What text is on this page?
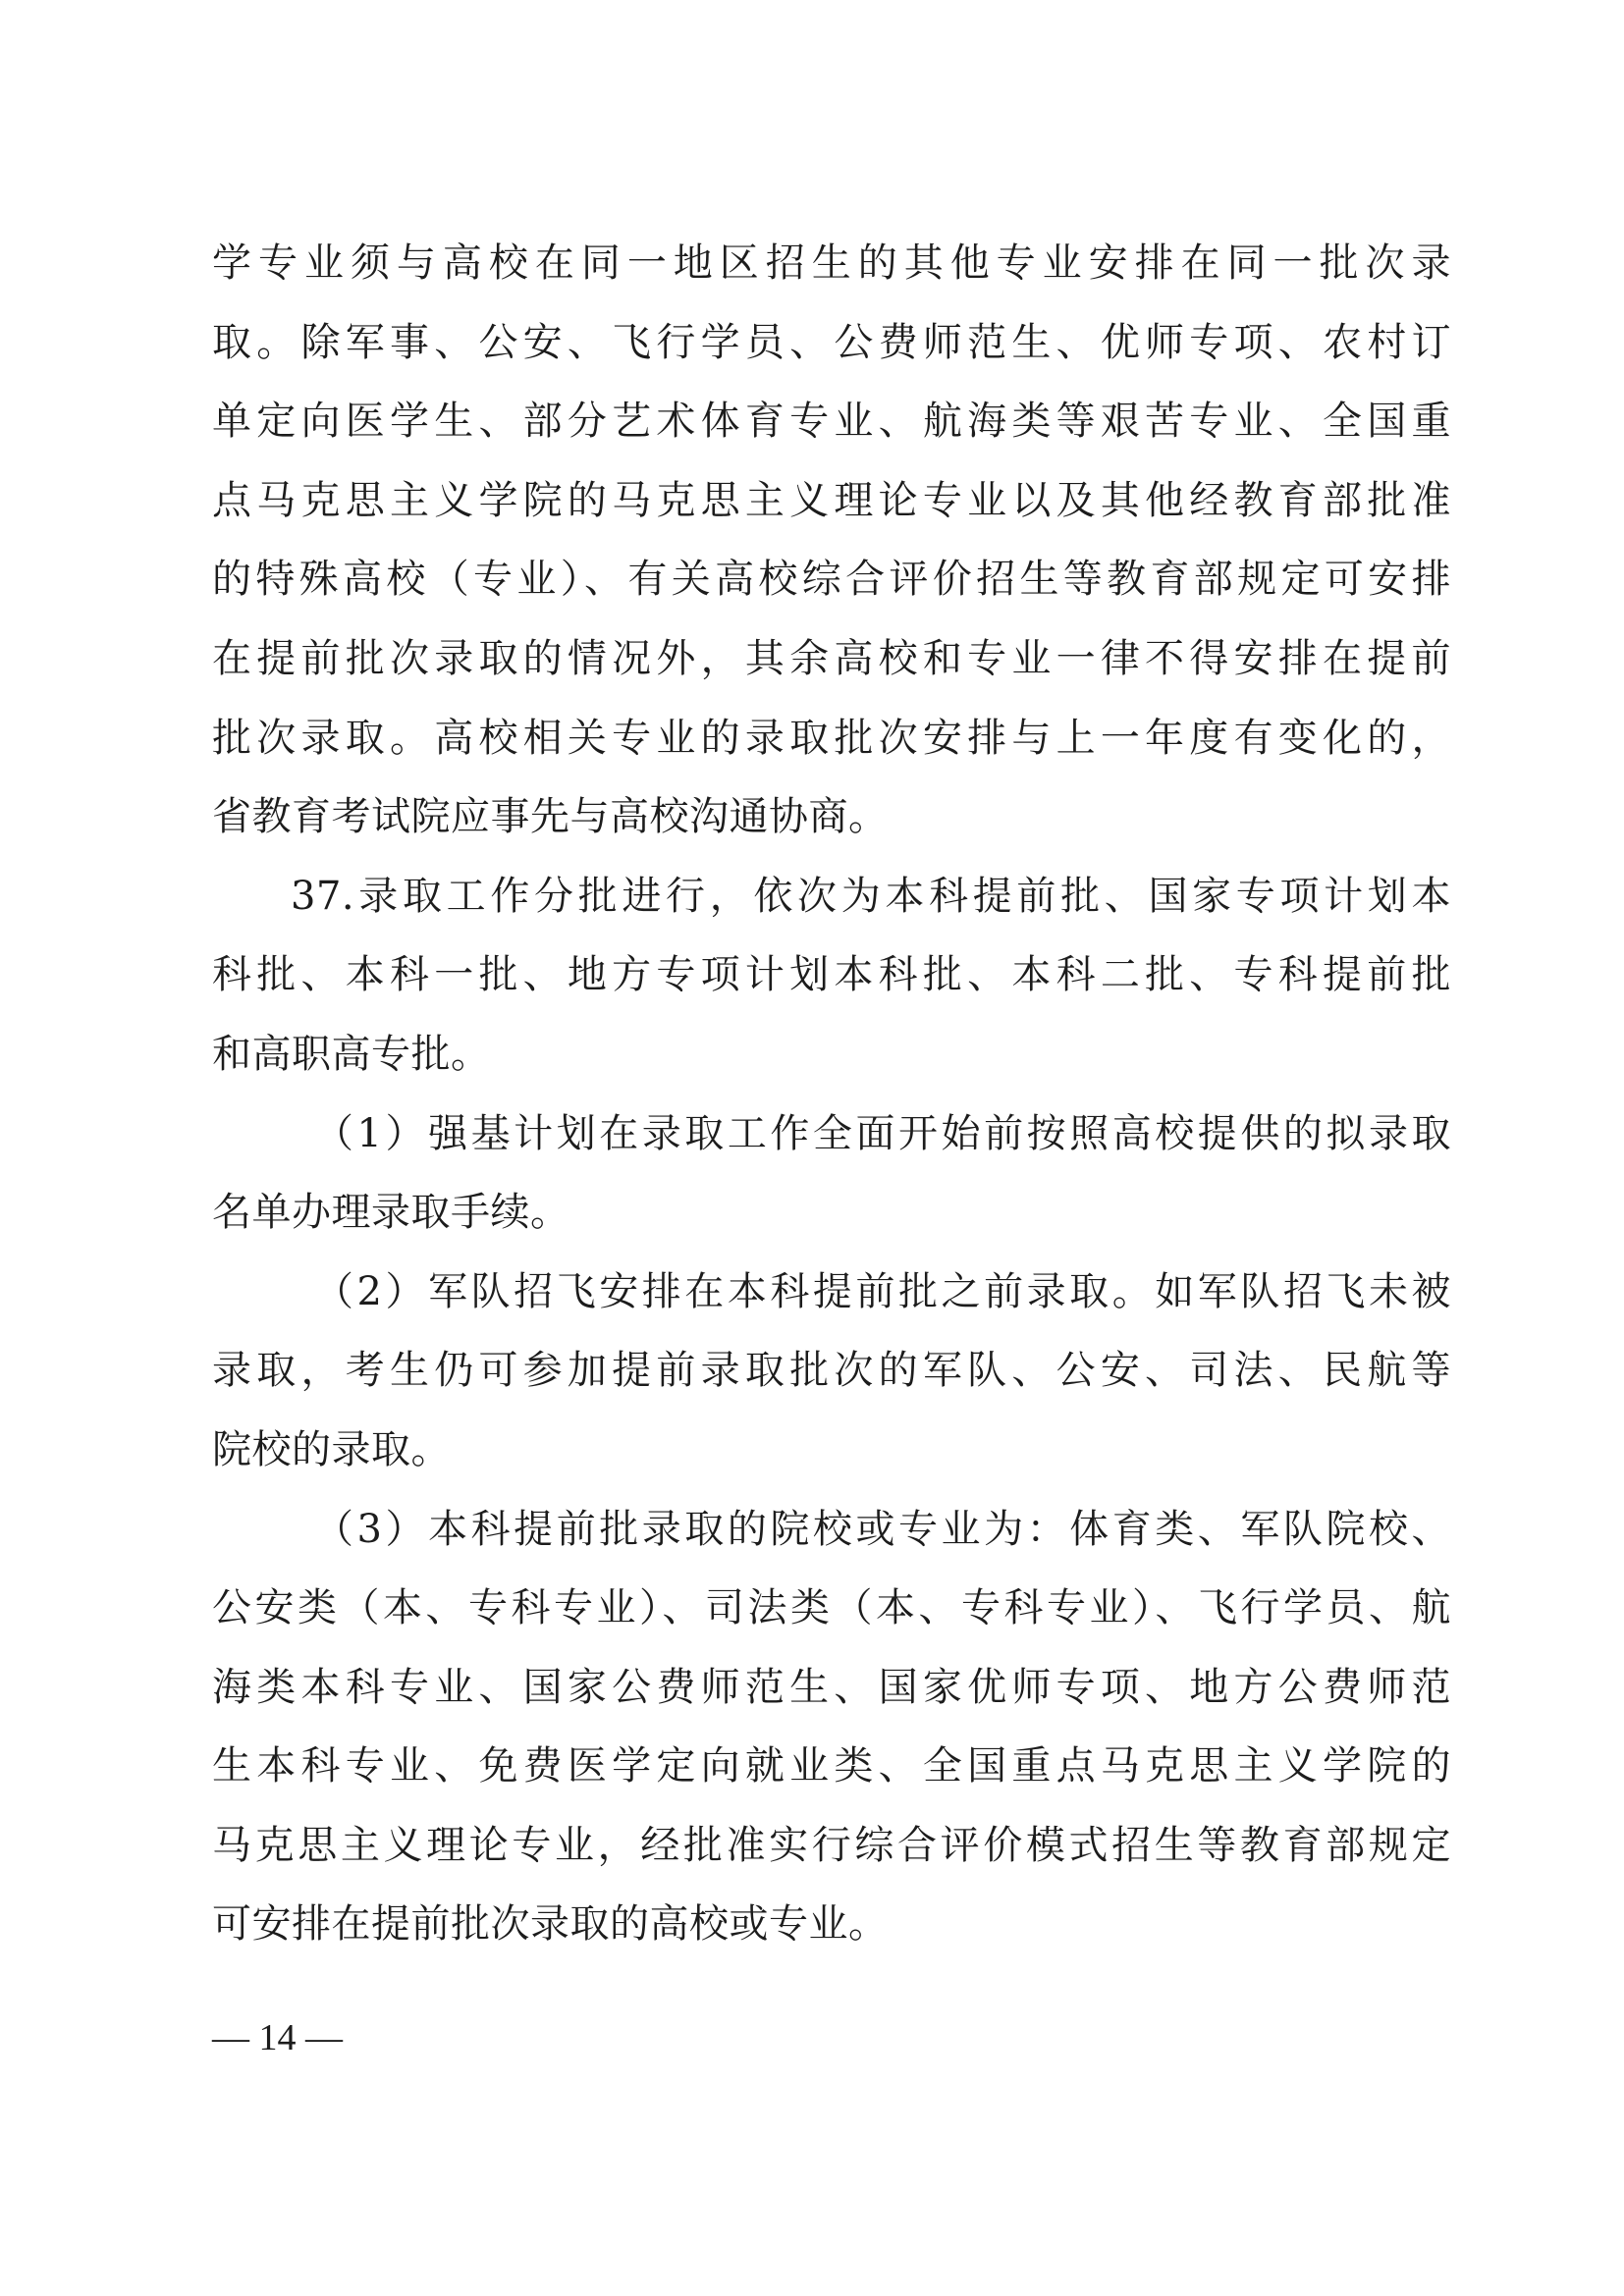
学专业须与高校在同一地区招生的其他专业安排在同一批次录
取。除军事、公安、飞行学员、公费师范生、优师专项、农村订
单定向医学生、部分艺术体育专业、航海类等艰苦专业、全国重
点马克思主义学院的马克思主义理论专业以及其他经教育部批准
的特殊高校（专业）、有关高校综合评价招生等教育部规定可安排
在提前批次录取的情况外，其余高校和专业一律不得安排在提前
批次录取。高校相关专业的录取批次安排与上一年度有变化的，
省教育考试院应事先与高校沟通协商。
37.录取工作分批进行，依次为本科提前批、国家专项计划本
科批、本科一批、地方专项计划本科批、本科二批、专科提前批
和高职高专批。
（1）强基计划在录取工作全面开始前按照高校提供的拟录取
名单办理录取手续。
（2）军队招飞安排在本科提前批之前录取。如军队招飞未被
录取，考生仍可参加提前录取批次的军队、公安、司法、民航等
院校的录取。
（3）本科提前批录取的院校或专业为：体育类、军队院校、
公安类（本、专科专业）、司法类（本、专科专业）、飞行学员、航
海类本科专业、国家公费师范生、国家优师专项、地方公费师范
生本科专业、免费医学定向就业类、全国重点马克思主义学院的
马克思主义理论专业，经批准实行综合评价模式招生等教育部规定
可安排在提前批次录取的高校或专业。
— 14 —
